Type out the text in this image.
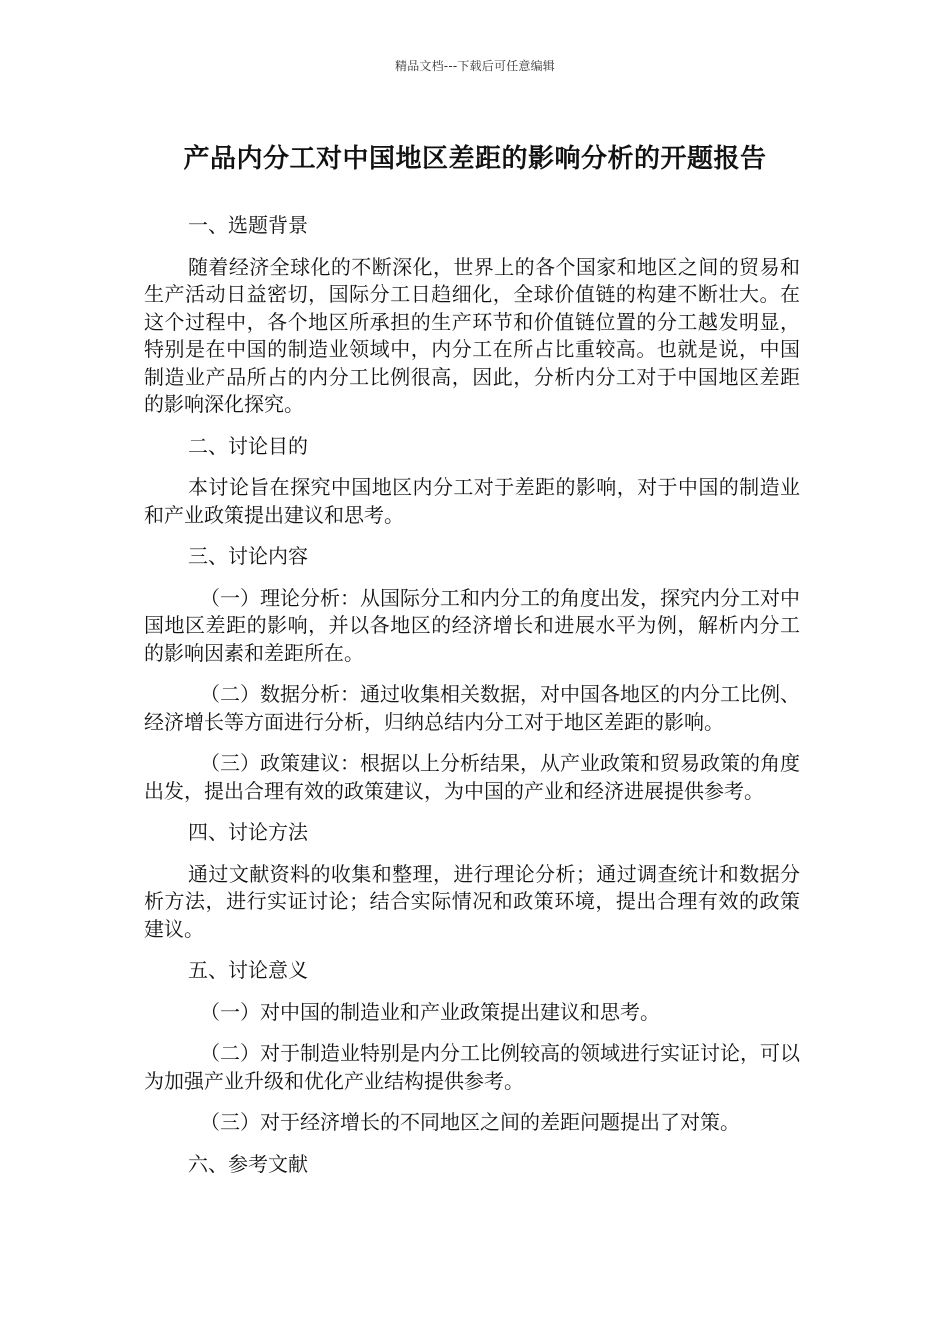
精品文档---下载后可任意编辑
产品内分工对中国地区差距的影响分析的开题报告

一、选题背景

随着经济全球化的不断深化，世界上的各个国家和地区之间的贸易和生产活动日益密切，国际分工日趋细化，全球价值链的构建不断壮大。在这个过程中，各个地区所承担的生产环节和价值链位置的分工越发明显，特别是在中国的制造业领域中，内分工在所占比重较高。也就是说，中国制造业产品所占的内分工比例很高，因此，分析内分工对于中国地区差距的影响深化探究。

二、讨论目的

本讨论旨在探究中国地区内分工对于差距的影响，对于中国的制造业和产业政策提出建议和思考。

三、讨论内容

（一）理论分析：从国际分工和内分工的角度出发，探究内分工对中国地区差距的影响，并以各地区的经济增长和进展水平为例，解析内分工的影响因素和差距所在。

（二）数据分析：通过收集相关数据，对中国各地区的内分工比例、经济增长等方面进行分析，归纳总结内分工对于地区差距的影响。

（三）政策建议：根据以上分析结果，从产业政策和贸易政策的角度出发，提出合理有效的政策建议，为中国的产业和经济进展提供参考。

四、讨论方法

通过文献资料的收集和整理，进行理论分析；通过调查统计和数据分析方法，进行实证讨论；结合实际情况和政策环境，提出合理有效的政策建议。

五、讨论意义

（一）对中国的制造业和产业政策提出建议和思考。

（二）对于制造业特别是内分工比例较高的领域进行实证讨论，可以为加强产业升级和优化产业结构提供参考。

（三）对于经济增长的不同地区之间的差距问题提出了对策。

六、参考文献
